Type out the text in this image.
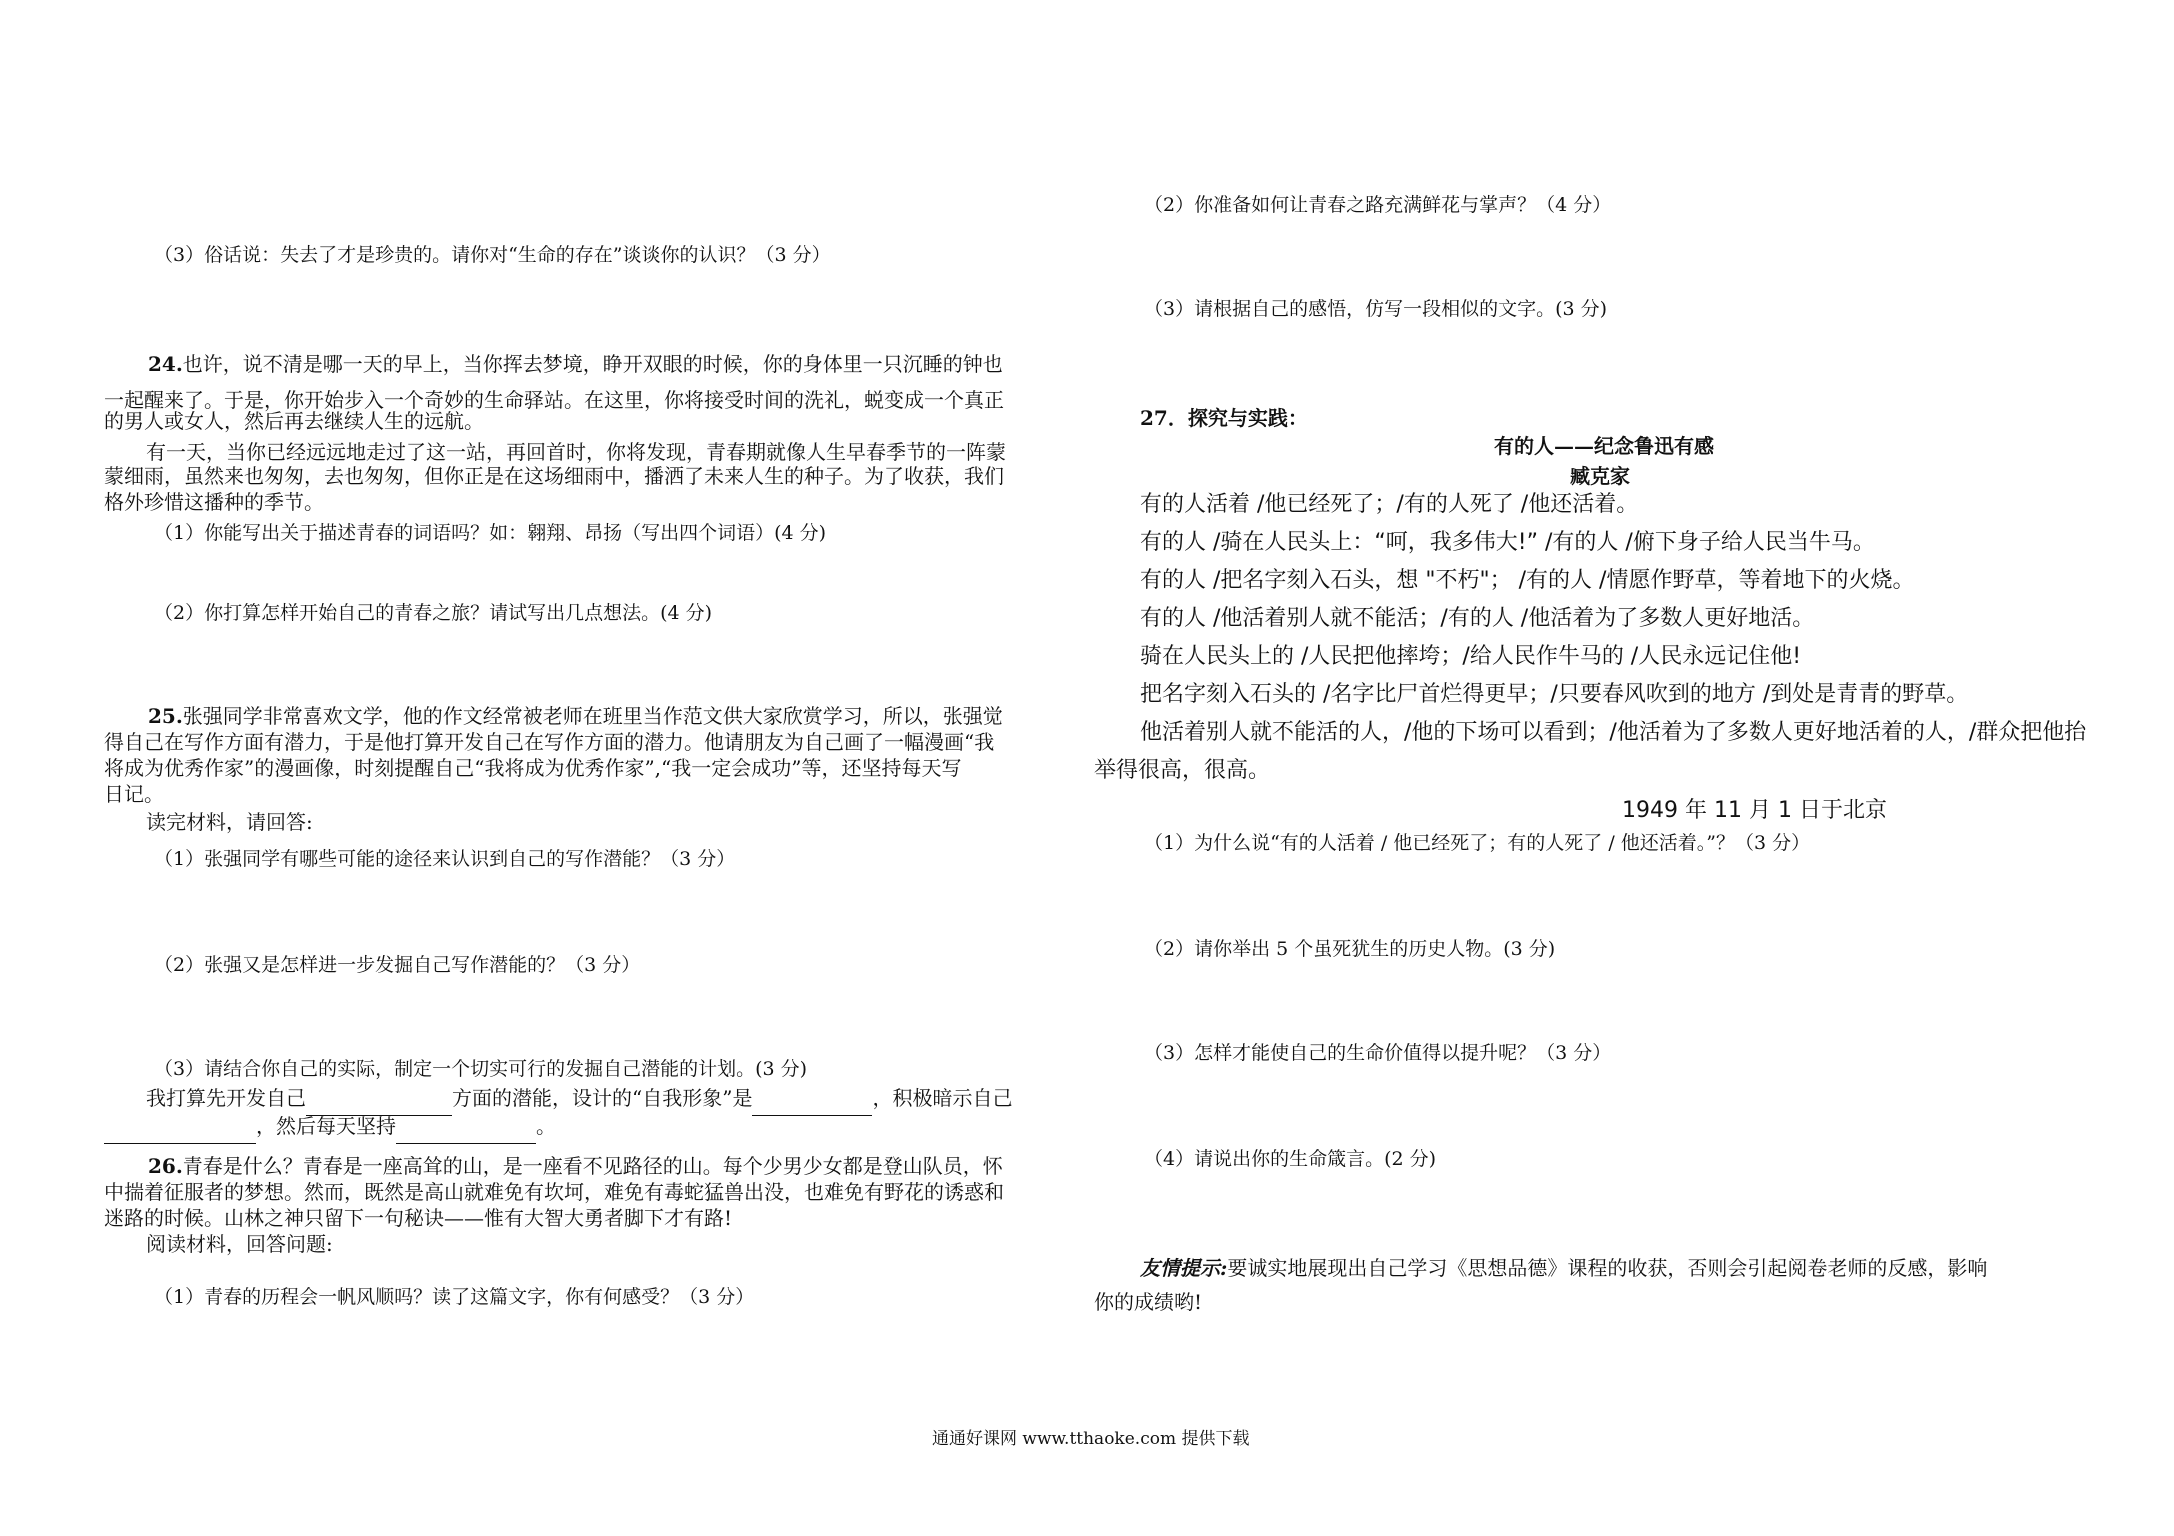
（3）俗话说：失去了才是珍贵的。请你对“生命的存在”谈谈你的认识？（3 分）
24.也许，说不清是哪一天的早上，当你挥去梦境，睁开双眼的时候，你的身体里一只沉睡的钟也
一起醒来了。于是，你开始步入一个奇妙的生命驿站。在这里，你将接受时间的洗礼，蜕变成一个真正
的男人或女人，然后再去继续人生的远航。
有一天，当你已经远远地走过了这一站，再回首时，你将发现，青春期就像人生早春季节的一阵蒙
蒙细雨，虽然来也匆匆，去也匆匆，但你正是在这场细雨中，播洒了未来人生的种子。为了收获，我们
格外珍惜这播种的季节。
（1）你能写出关于描述青春的词语吗？如：翱翔、昂扬（写出四个词语）(4 分)
（2）你打算怎样开始自己的青春之旅？请试写出几点想法。(4 分)
25.张强同学非常喜欢文学，他的作文经常被老师在班里当作范文供大家欣赏学习，所以，张强觉
得自己在写作方面有潜力，于是他打算开发自己在写作方面的潜力。他请朋友为自己画了一幅漫画“我
将成为优秀作家”的漫画像，时刻提醒自己“我将成为优秀作家”,“我一定会成功”等，还坚持每天写
日记。
读完材料，请回答:
（1）张强同学有哪些可能的途径来认识到自己的写作潜能？（3 分）
（2）张强又是怎样进一步发掘自己写作潜能的？（3 分）
（3）请结合你自己的实际，制定一个切实可行的发掘自己潜能的计划。(3 分)
我打算先开发自己	方面的潜能，设计的“自我形象”是	，积极暗示自己
，然后每天坚持	。
26.青春是什么？青春是一座高耸的山，是一座看不见路径的山。每个少男少女都是登山队员，怀
中揣着征服者的梦想。然而，既然是高山就难免有坎坷，难免有毒蛇猛兽出没，也难免有野花的诱惑和
迷路的时候。山林之神只留下一句秘诀——惟有大智大勇者脚下才有路!
阅读材料，回答问题:
（1）青春的历程会一帆风顺吗？读了这篇文字，你有何感受？（3 分）
（2）你准备如何让青春之路充满鲜花与掌声？（4 分）
（3）请根据自己的感悟，仿写一段相似的文字。(3 分)
27．探究与实践：
有的人——纪念鲁迅有感
臧克家
有的人活着 /他已经死了；/有的人死了 /他还活着。
有的人 /骑在人民头上：“呵，我多伟大!” /有的人 /俯下身子给人民当牛马。
有的人 /把名字刻入石头，想 "不朽"； /有的人 /情愿作野草，等着地下的火烧。
有的人 /他活着别人就不能活；/有的人 /他活着为了多数人更好地活。
骑在人民头上的 /人民把他摔垮；/给人民作牛马的 /人民永远记住他!
把名字刻入石头的 /名字比尸首烂得更早；/只要春风吹到的地方 /到处是青青的野草。
他活着别人就不能活的人，/他的下场可以看到；/他活着为了多数人更好地活着的人，/群众把他抬
举得很高，很高。
1949 年 11 月 1 日于北京
（1）为什么说“有的人活着 / 他已经死了；有的人死了 / 他还活着。”？（3 分）
（2）请你举出 5 个虽死犹生的历史人物。(3 分)
（3）怎样才能使自己的生命价值得以提升呢？（3 分）
（4）请说出你的生命箴言。(2 分)
友情提示:要诚实地展现出自己学习《思想品德》课程的收获，否则会引起阅卷老师的反感，影响
你的成绩哟!
通通好课网 www.tthaoke.com 提供下载
